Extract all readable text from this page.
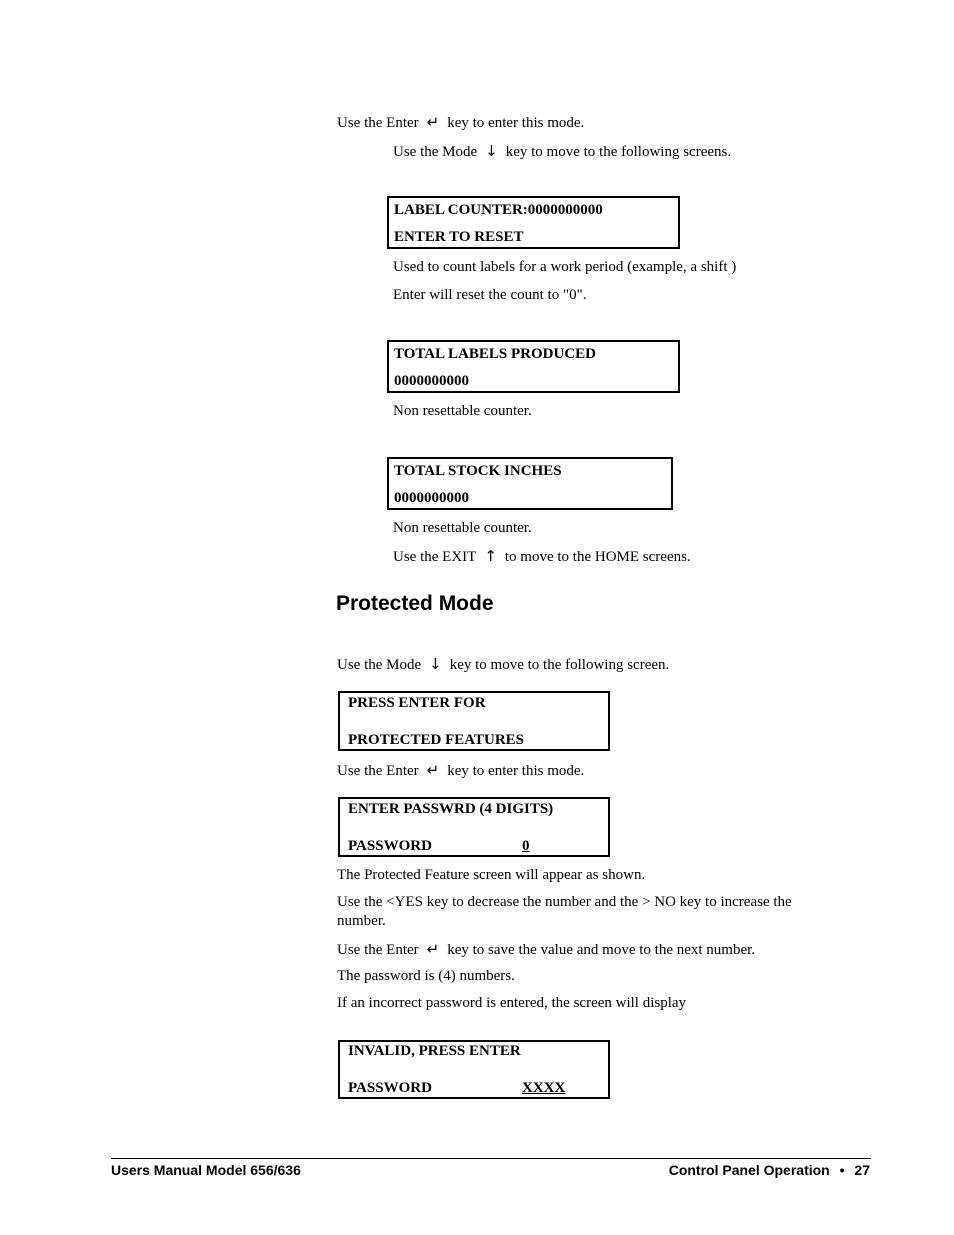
Use the Enter ↵ key to enter this mode.
Use the Mode ↓ key to move to the following screens.
LABEL COUNTER:0000000000
ENTER TO RESET
Used to count labels for a work period (example, a shift )
Enter will reset the count to "0".
TOTAL LABELS PRODUCED
0000000000
Non resettable counter.
TOTAL STOCK INCHES
0000000000
Non resettable counter.
Use the EXIT ↑ to move to the HOME screens.
Protected Mode
Use the Mode ↓ key to move to the following screen.
PRESS ENTER FOR
PROTECTED FEATURES
Use the Enter ↵ key to enter this mode.
ENTER PASSWRD (4 DIGITS)
PASSWORD	0
The Protected Feature screen will appear as shown.
Use the <YES key to decrease the number and the > NO key to increase the
number.
Use the Enter ↵ key to save the value and move to the next number.
The password is (4) numbers.
If an incorrect password is entered, the screen will display
INVALID, PRESS ENTER
PASSWORD	XXXX
Users Manual Model 656/636	Control Panel Operation • 27
